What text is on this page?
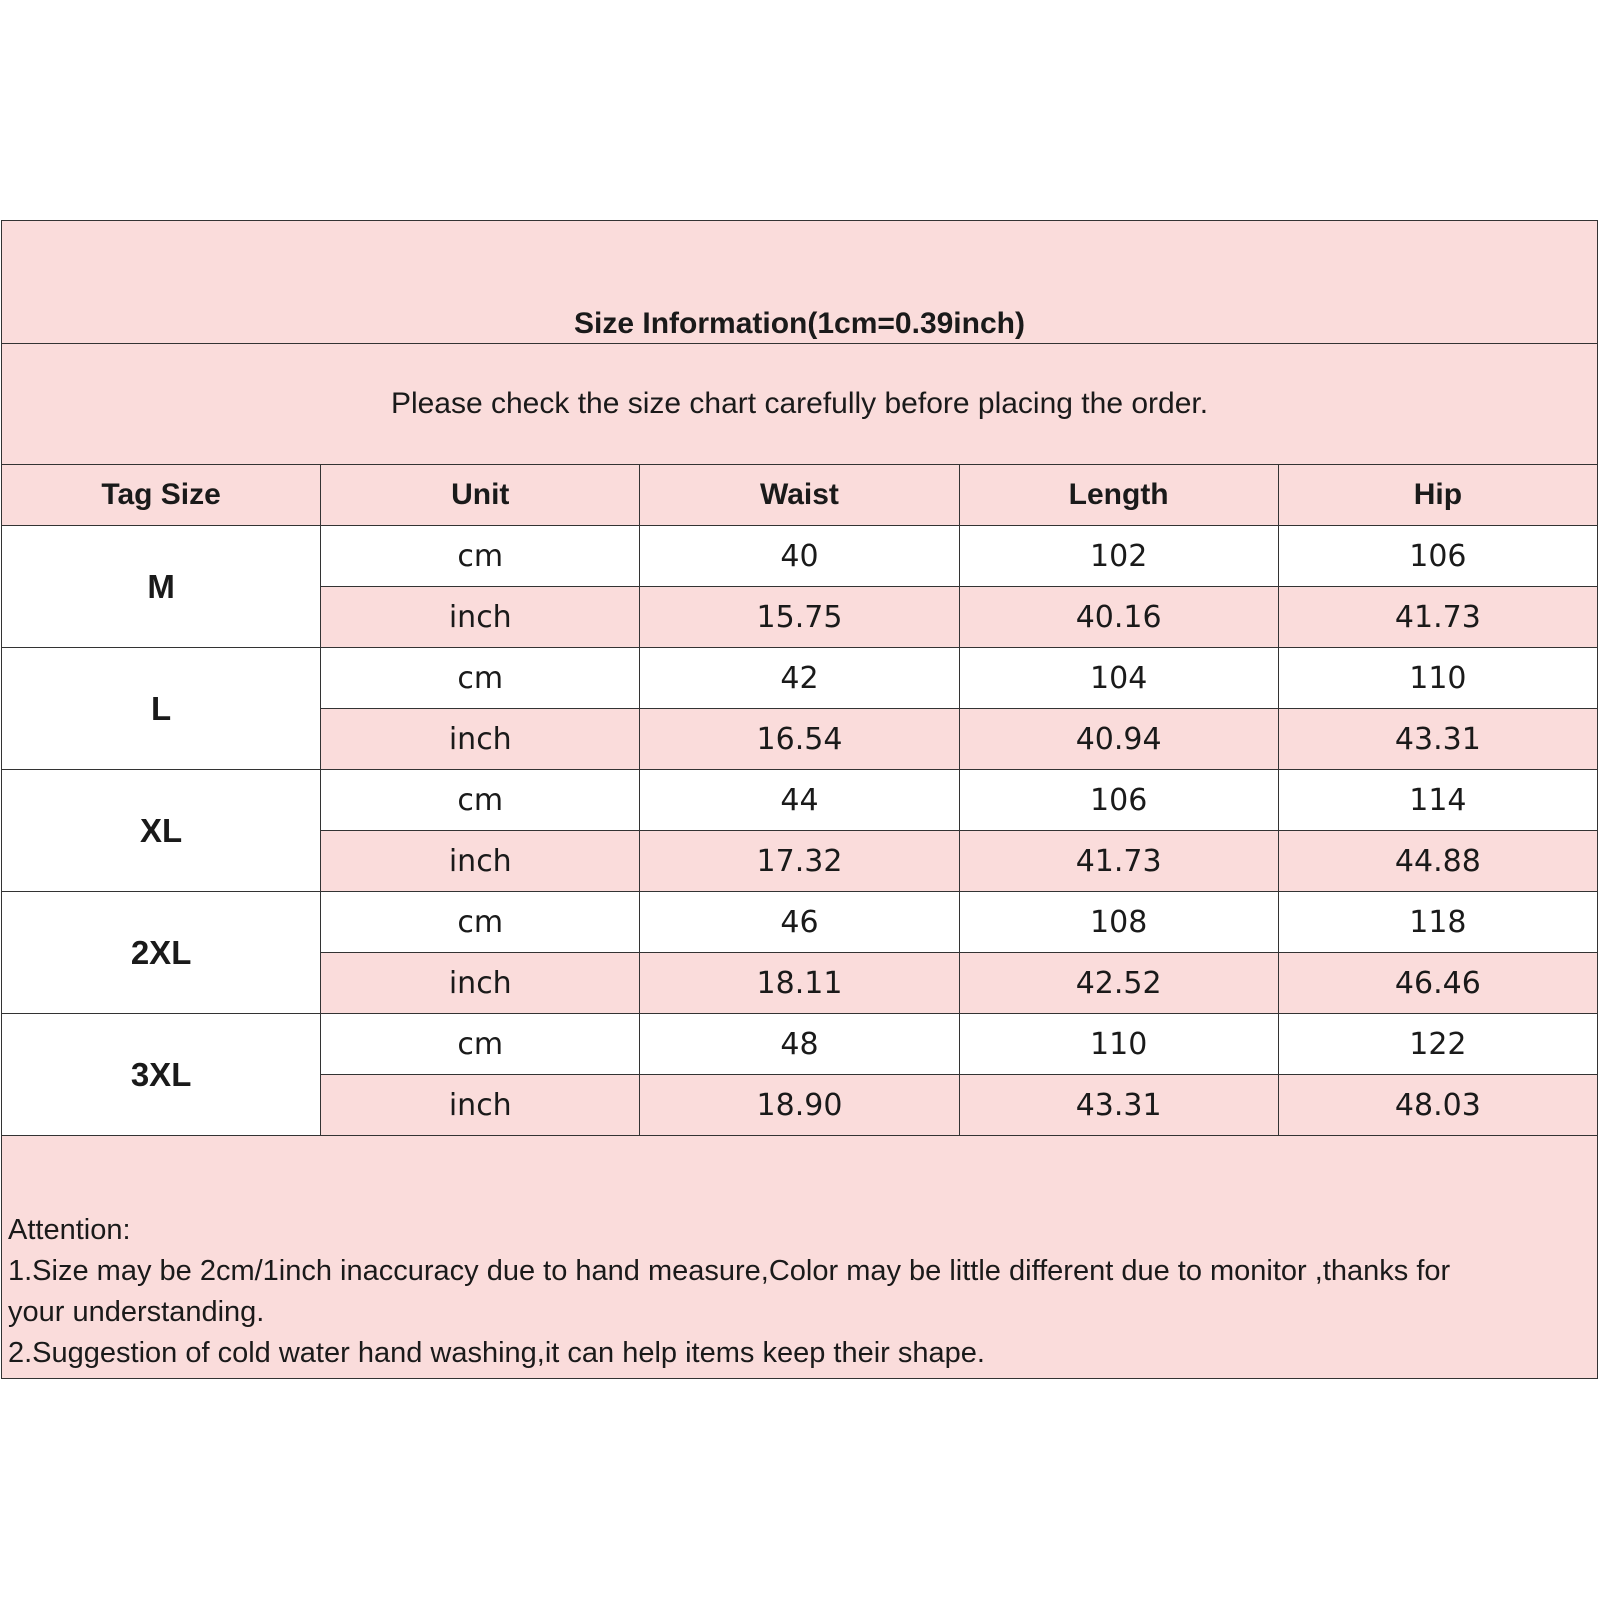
Size Information(1cm=0.39inch)				
Please check the size chart carefully before placing the order.				
Tag Size	Unit	Waist	Length	Hip
M	cm	40	102	106
	inch	15.75	40.16	41.73
L	cm	42	104	110
	inch	16.54	40.94	43.31
XL	cm	44	106	114
	inch	17.32	41.73	44.88
2XL	cm	46	108	118
	inch	18.11	42.52	46.46
3XL	cm	48	110	122
	inch	18.90	43.31	48.03

Attention:
1.Size may be 2cm/1inch inaccuracy due to hand measure,Color may be little different due to monitor ,thanks for
your understanding.
2.Suggestion of cold water hand washing,it can help items keep their shape.				
